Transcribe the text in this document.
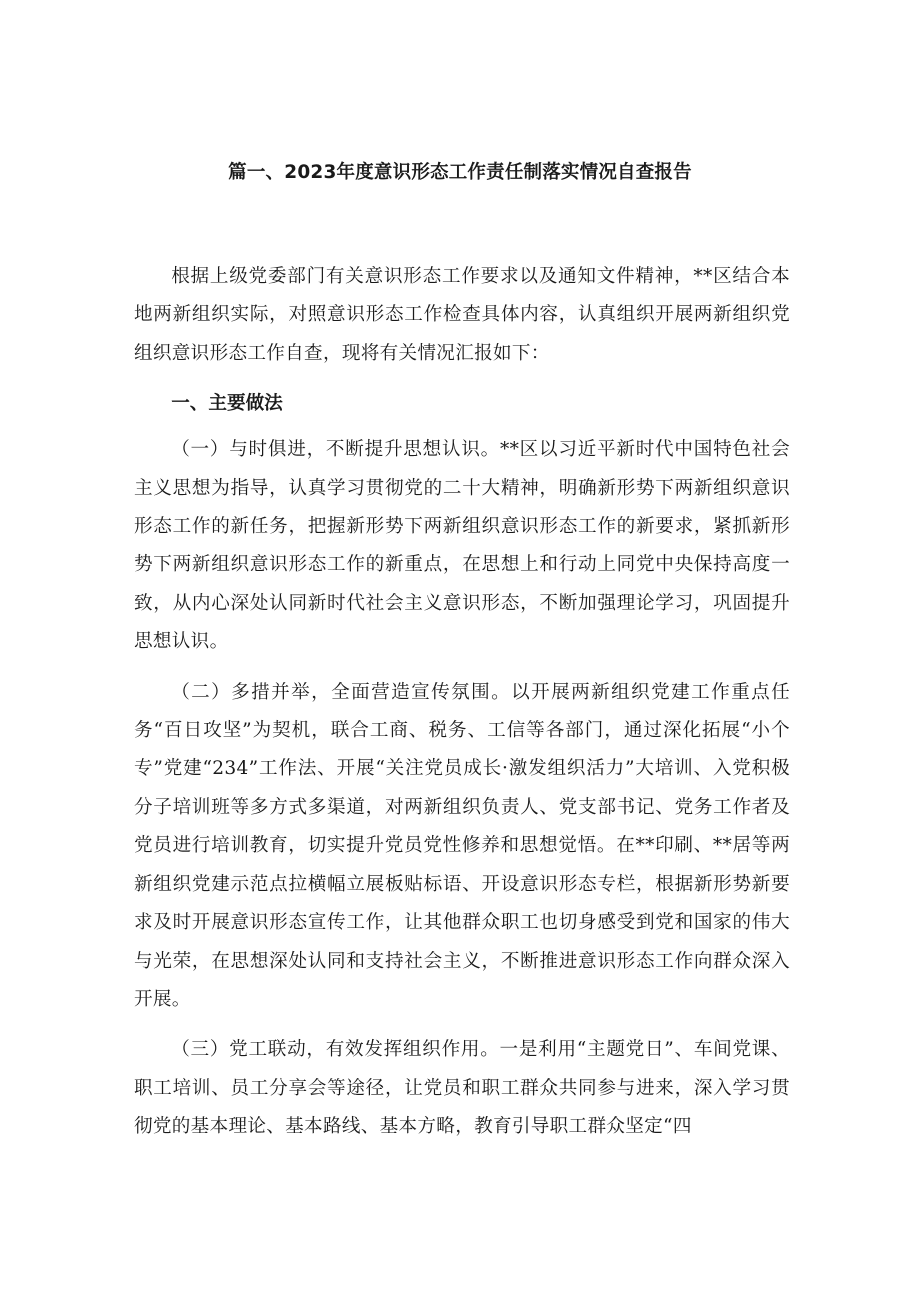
篇一、2023年度意识形态工作责任制落实情况自查报告

根据上级党委部门有关意识形态工作要求以及通知文件精神，**区结合本地两新组织实际，对照意识形态工作检查具体内容，认真组织开展两新组织党组织意识形态工作自查，现将有关情况汇报如下：

一、主要做法

（一）与时俱进，不断提升思想认识。**区以习近平新时代中国特色社会主义思想为指导，认真学习贯彻党的二十大精神，明确新形势下两新组织意识形态工作的新任务，把握新形势下两新组织意识形态工作的新要求，紧抓新形势下两新组织意识形态工作的新重点，在思想上和行动上同党中央保持高度一致，从内心深处认同新时代社会主义意识形态，不断加强理论学习，巩固提升思想认识。

（二）多措并举，全面营造宣传氛围。以开展两新组织党建工作重点任务“百日攻坚”为契机，联合工商、税务、工信等各部门，通过深化拓展“小个专”党建“234”工作法、开展“关注党员成长·激发组织活力”大培训、入党积极分子培训班等多方式多渠道，对两新组织负责人、党支部书记、党务工作者及党员进行培训教育，切实提升党员党性修养和思想觉悟。在**印刷、**居等两新组织党建示范点拉横幅立展板贴标语、开设意识形态专栏，根据新形势新要求及时开展意识形态宣传工作，让其他群众职工也切身感受到党和国家的伟大与光荣，在思想深处认同和支持社会主义，不断推进意识形态工作向群众深入开展。

（三）党工联动，有效发挥组织作用。一是利用“主题党日”、车间党课、职工培训、员工分享会等途径，让党员和职工群众共同参与进来，深入学习贯彻党的基本理论、基本路线、基本方略，教育引导职工群众坚定“四
